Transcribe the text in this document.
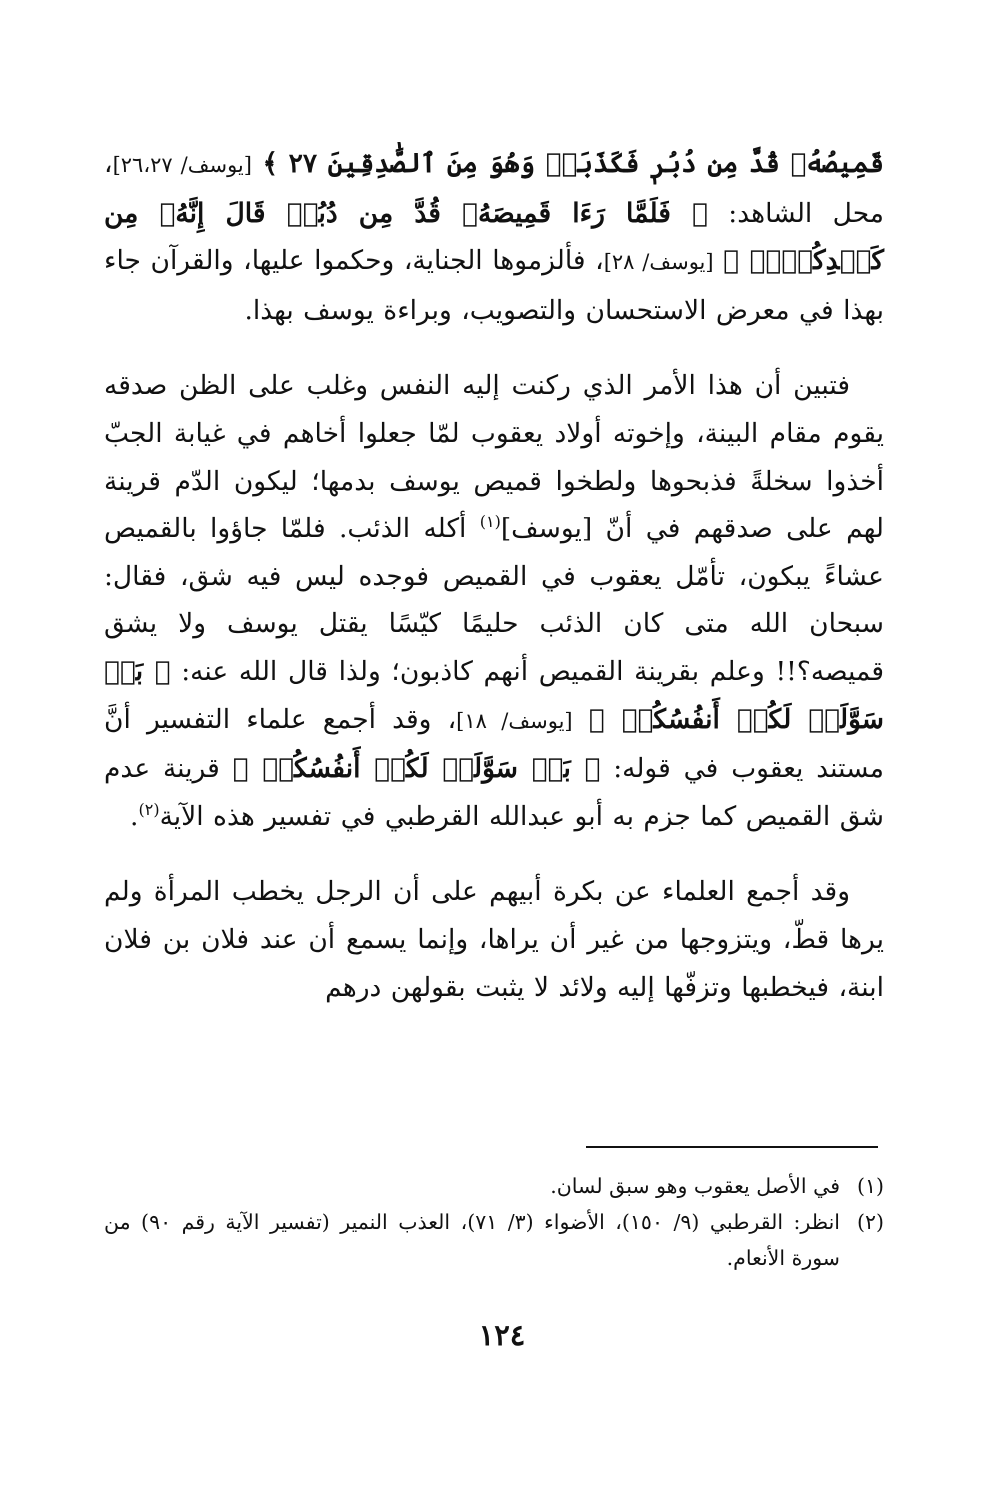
قَمِيصُهُۥ قُدَّ مِن دُبُرٖ فَكَذَبَتۡ وَهُوَ مِنَ ٱلصَّٰدِقِينَ ٢٧ ﴾ [يوسف/ ٢٦،٢٧]، محل الشاهد: ﴿ فَلَمَّا رَءَا قَمِيصَهُۥ قُدَّ مِن دُبُرٖ قَالَ إِنَّهُۥ مِن كَيۡدِكُنَّۖ ﴾ [يوسف/ ٢٨]، فألزموها الجناية، وحكموا عليها، والقرآن جاء بهذا في معرض الاستحسان والتصويب، وبراءة يوسف بهذا.

فتبين أن هذا الأمر الذي ركنت إليه النفس وغلب على الظن صدقه يقوم مقام البينة، وإخوته أولاد يعقوب لمّا جعلوا أخاهم في غيابة الجبّ أخذوا سخلةً فذبحوها ولطخوا قميص يوسف بدمها؛ ليكون الدّم قرينة لهم على صدقهم في أنّ [يوسف]$^{(١)}$ أكله الذئب. فلمّا جاؤوا بالقميص عشاءً يبكون، تأمّل يعقوب في القميص فوجده ليس فيه شق، فقال: سبحان الله متى كان الذئب حليمًا كيّسًا يقتل يوسف ولا يشق قميصه؟!! وعلم بقرينة القميص أنهم كاذبون؛ ولذا قال الله عنه: ﴿ بَلۡ سَوَّلَتۡ لَكُمۡ أَنفُسُكُمۡ ﴾ [يوسف/ ١٨]، وقد أجمع علماء التفسير أنَّ مستند يعقوب في قوله: ﴿ بَلۡ سَوَّلَتۡ لَكُمۡ أَنفُسُكُمۡ ﴾ قرينة عدم شق القميص كما جزم به أبو عبدالله القرطبي في تفسير هذه الآية$^{(٢)}$.

وقد أجمع العلماء عن بكرة أبيهم على أن الرجل يخطب المرأة ولم يرها قطّ، ويتزوجها من غير أن يراها، وإنما يسمع أن عند فلان بن فلان ابنة، فيخطبها وتزفّها إليه ولائد لا يثبت بقولهن درهم

(١)
في الأصل يعقوب وهو سبق لسان.

(٢)
انظر: القرطبي (٩/ ١٥٠)، الأضواء (٣/ ٧١)، العذب النمير (تفسير الآية رقم ٩٠) من سورة الأنعام.

١٢٤
